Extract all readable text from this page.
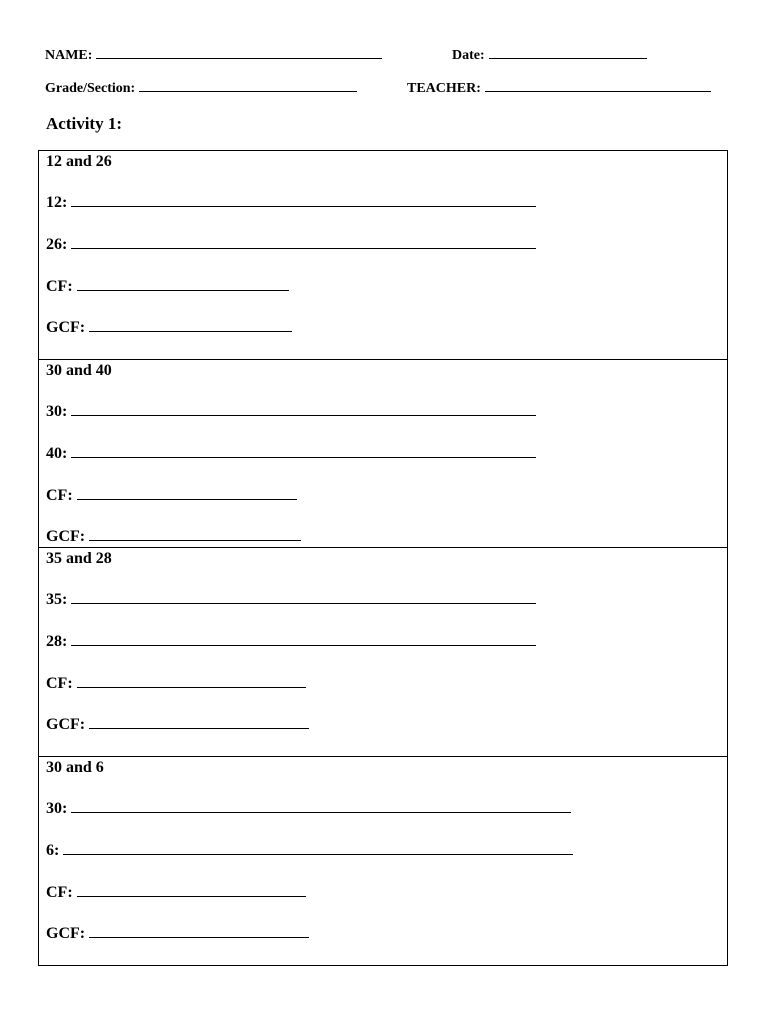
NAME:	Date:
Grade/Section:	TEACHER:
Activity 1:
12 and 26
12:
26:
CF:
GCF:
30 and 40
30:
40:
CF:
GCF:
35 and 28
35:
28:
CF:
GCF:
30 and 6
30:
6:
CF:
GCF:
